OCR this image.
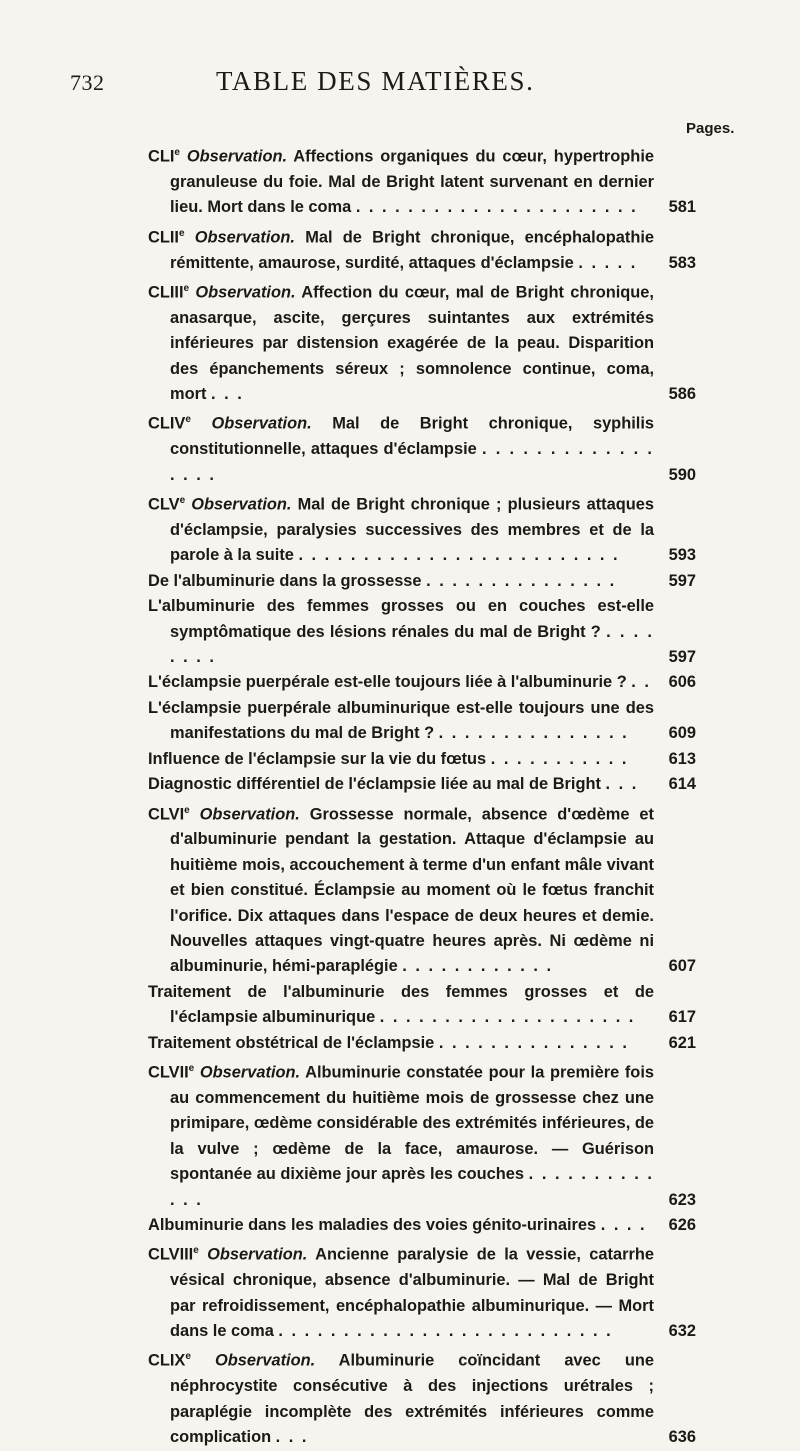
732	TABLE DES MATIÈRES.
Pages.
CLIe Observation. Affections organiques du cœur, hypertrophie granuleuse du foie. Mal de Bright latent survenant en dernier lieu. Mort dans le coma . . . . . . . . . . . . . . . . . . . . . .	581
CLIIe Observation. Mal de Bright chronique, encéphalopathie rémittente, amaurose, surdité, attaques d'éclampsie . . . . .	583
CLIIIe Observation. Affection du cœur, mal de Bright chronique, anasarque, ascite, gerçures suintantes aux extrémités inférieures par distension exagérée de la peau. Disparition des épanchements séreux ; somnolence continue, coma, mort . . .	586
CLIVe Observation. Mal de Bright chronique, syphilis constitutionnelle, attaques d'éclampsie . . . . . . . . . . . . . . . . .	590
CLVe Observation. Mal de Bright chronique ; plusieurs attaques d'éclampsie, paralysies successives des membres et de la parole à la suite . . . . . . . . . . . . . . . . . . . . . . . . .	593
De l'albuminurie dans la grossesse . . . . . . . . . . . . . . .	597
L'albuminurie des femmes grosses ou en couches est-elle symptômatique des lésions rénales du mal de Bright ? . . . . . . . .	597
L'éclampsie puerpérale est-elle toujours liée à l'albuminurie ? . .	606
L'éclampsie puerpérale albuminurique est-elle toujours une des manifestations du mal de Bright ? . . . . . . . . . . . . . . .	609
Influence de l'éclampsie sur la vie du fœtus . . . . . . . . . . .	613
Diagnostic différentiel de l'éclampsie liée au mal de Bright . . .	614
CLVIe Observation. Grossesse normale, absence d'œdème et d'albuminurie pendant la gestation. Attaque d'éclampsie au huitième mois, accouchement à terme d'un enfant mâle vivant et bien constitué. Éclampsie au moment où le fœtus franchit l'orifice. Dix attaques dans l'espace de deux heures et demie. Nouvelles attaques vingt-quatre heures après. Ni œdème ni albuminurie, hémi-paraplégie . . . . . . . . . . . .	607
Traitement de l'albuminurie des femmes grosses et de l'éclampsie albuminurique . . . . . . . . . . . . . . . . . . . .	617
Traitement obstétrical de l'éclampsie . . . . . . . . . . . . . . .	621
CLVIIe Observation. Albuminurie constatée pour la première fois au commencement du huitième mois de grossesse chez une primipare, œdème considérable des extrémités inférieures, de la vulve ; œdème de la face, amaurose. — Guérison spontanée au dixième jour après les couches . . . . . . . . . . . . .	623
Albuminurie dans les maladies des voies génito-urinaires . . . .	626
CLVIIIe Observation. Ancienne paralysie de la vessie, catarrhe vésical chronique, absence d'albuminurie. — Mal de Bright par refroidissement, encéphalopathie albuminurique. — Mort dans le coma . . . . . . . . . . . . . . . . . . . . . . . . . .	632
CLIXe Observation. Albuminurie coïncidant avec une néphrocystite consécutive à des injections urétrales ; paraplégie incomplète des extrémités inférieures comme complication . . .	636
